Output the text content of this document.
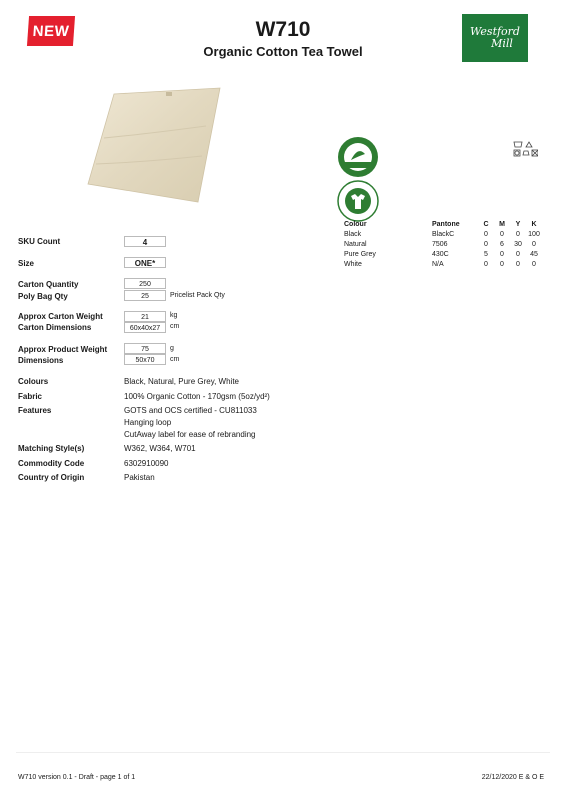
NEW	W710
Organic Cotton Tea Towel
Westford
Mill
SKU Count	4
Size	ONE*
Carton Quantity	250
Poly Bag Qty	25	Pricelist Pack Qty
Approx Carton Weight	21	kg
Carton Dimensions	60x40x27	cm
Approx Product Weight	75	g
Dimensions	50x70	cm
Colours	Black, Natural, Pure Grey, White
Fabric	100% Organic Cotton - 170gsm (5oz/yd²)
Features	GOTS and OCS certified - CU811033
Hanging loop
CutAway label for ease of rebranding
Matching Style(s)	W362, W364, W701
Commodity Code	6302910090
Country of Origin	Pakistan
Colour	Pantone	C	M	Y	K
Black	BlackC	0	0	0	100
Natural	7506	0	6	30	0
Pure Grey	430C	5	0	0	45
White	N/A	0	0	0	0
W710 version 0.1 - Draft - page 1 of 1	22/12/2020 E & O E
